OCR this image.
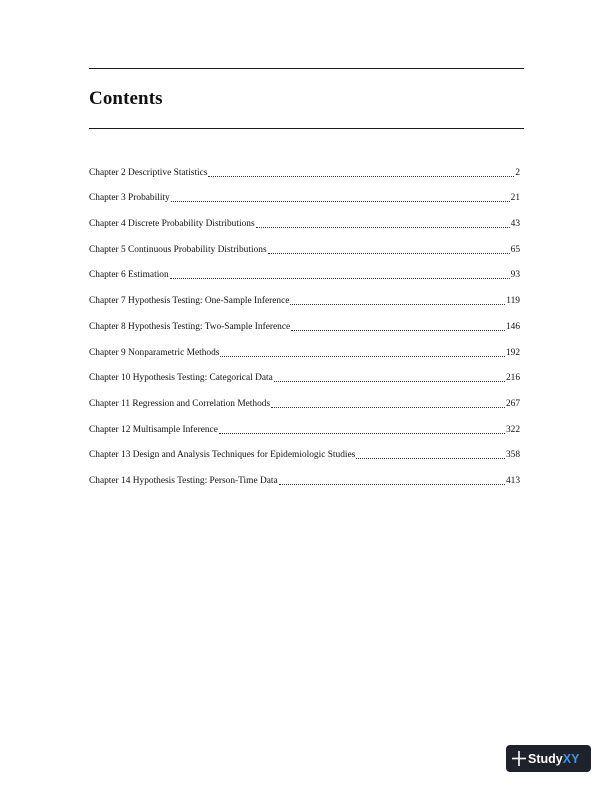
Contents
Chapter 2 Descriptive Statistics	2
Chapter 3 Probability	21
Chapter 4 Discrete Probability Distributions	43
Chapter 5 Continuous Probability Distributions	65
Chapter 6 Estimation	93
Chapter 7 Hypothesis Testing: One-Sample Inference	119
Chapter 8 Hypothesis Testing: Two-Sample Inference	146
Chapter 9 Nonparametric Methods	192
Chapter 10 Hypothesis Testing: Categorical Data	216
Chapter 11 Regression and Correlation Methods	267
Chapter 12 Multisample Inference	322
Chapter 13 Design and Analysis Techniques for Epidemiologic Studies	358
Chapter 14 Hypothesis Testing: Person-Time Data	413
Study XY
